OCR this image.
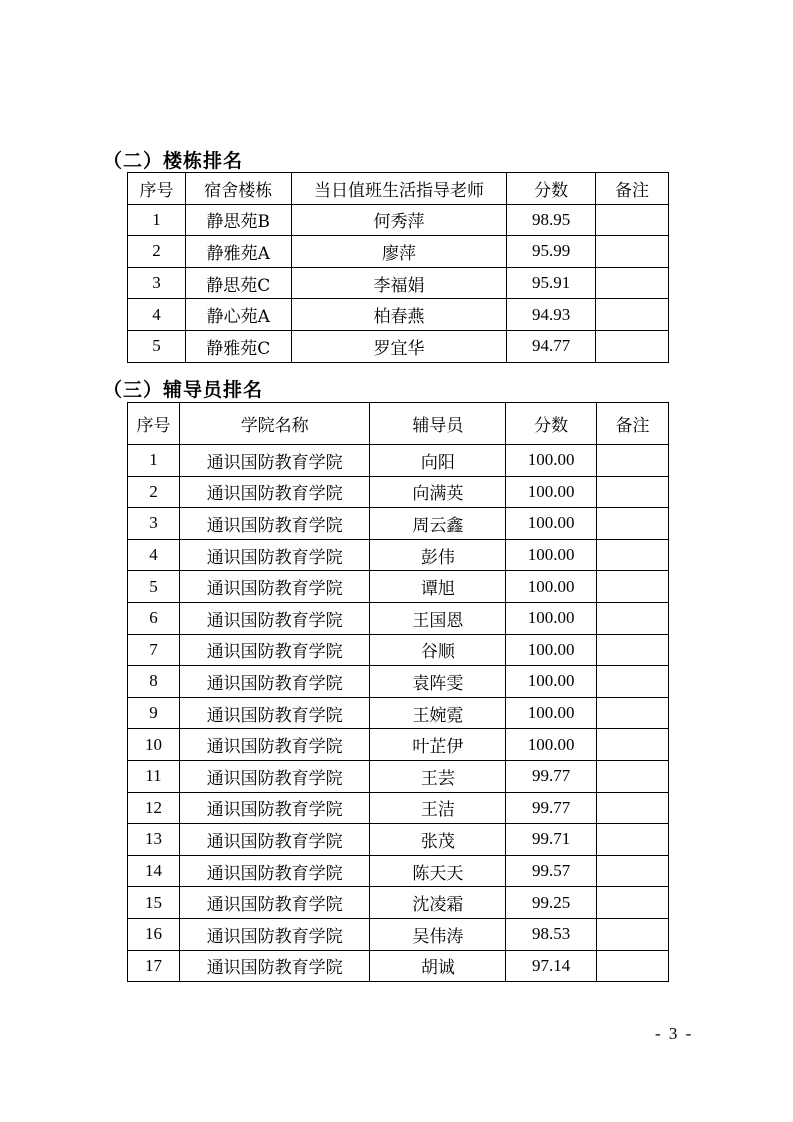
（二）楼栋排名
序号	宿舍楼栋	当日值班生活指导老师	分数	备注
1	静思苑B	何秀萍	98.95	
2	静雅苑A	廖萍	95.99	
3	静思苑C	李福娟	95.91	
4	静心苑A	柏春燕	94.93	
5	静雅苑C	罗宜华	94.77	
（三）辅导员排名
序号	学院名称	辅导员	分数	备注
1	通识国防教育学院	向阳	100.00	
2	通识国防教育学院	向满英	100.00	
3	通识国防教育学院	周云鑫	100.00	
4	通识国防教育学院	彭伟	100.00	
5	通识国防教育学院	谭旭	100.00	
6	通识国防教育学院	王国恩	100.00	
7	通识国防教育学院	谷顺	100.00	
8	通识国防教育学院	袁阵雯	100.00	
9	通识国防教育学院	王婉霓	100.00	
10	通识国防教育学院	叶芷伊	100.00	
11	通识国防教育学院	王芸	99.77	
12	通识国防教育学院	王洁	99.77	
13	通识国防教育学院	张茂	99.71	
14	通识国防教育学院	陈天天	99.57	
15	通识国防教育学院	沈凌霜	99.25	
16	通识国防教育学院	吴伟涛	98.53	
17	通识国防教育学院	胡诚	97.14	
- 3 -
